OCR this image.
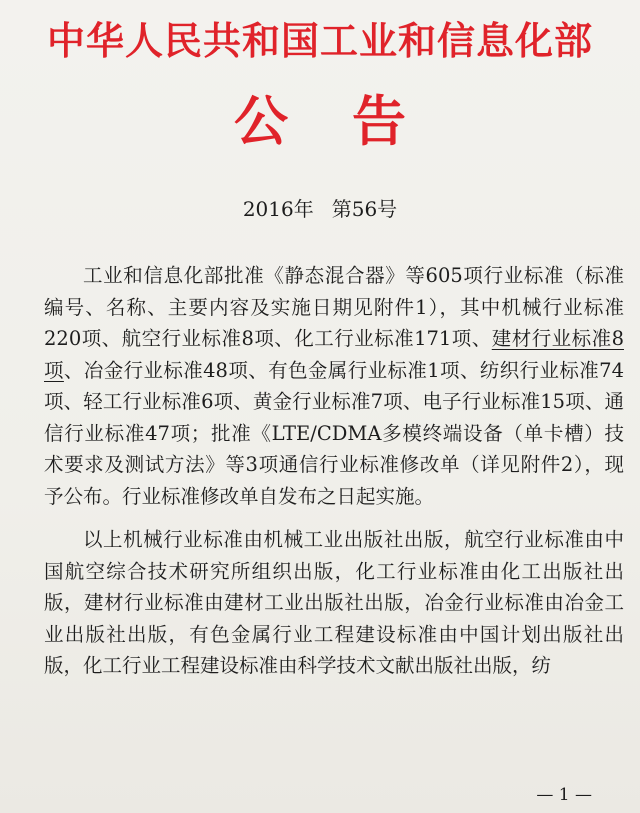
中华人民共和国工业和信息化部
公 告
2016年 第56号

工业和信息化部批准《静态混合器》等605项行业标准（标准编号、名称、主要内容及实施日期见附件1），其中机械行业标准220项、航空行业标准8项、化工行业标准171项、建材行业标准8项、冶金行业标准48项、有色金属行业标准1项、纺织行业标准74项、轻工行业标准6项、黄金行业标准7项、电子行业标准15项、通信行业标准47项；批准《LTE/CDMA多模终端设备（单卡槽）技术要求及测试方法》等3项通信行业标准修改单（详见附件2），现予公布。行业标准修改单自发布之日起实施。

以上机械行业标准由机械工业出版社出版，航空行业标准由中国航空综合技术研究所组织出版，化工行业标准由化工出版社出版，建材行业标准由建材工业出版社出版，冶金行业标准由冶金工业出版社出版，有色金属行业工程建设标准由中国计划出版社出版，化工行业工程建设标准由科学技术文献出版社出版，纺

— 1 —
